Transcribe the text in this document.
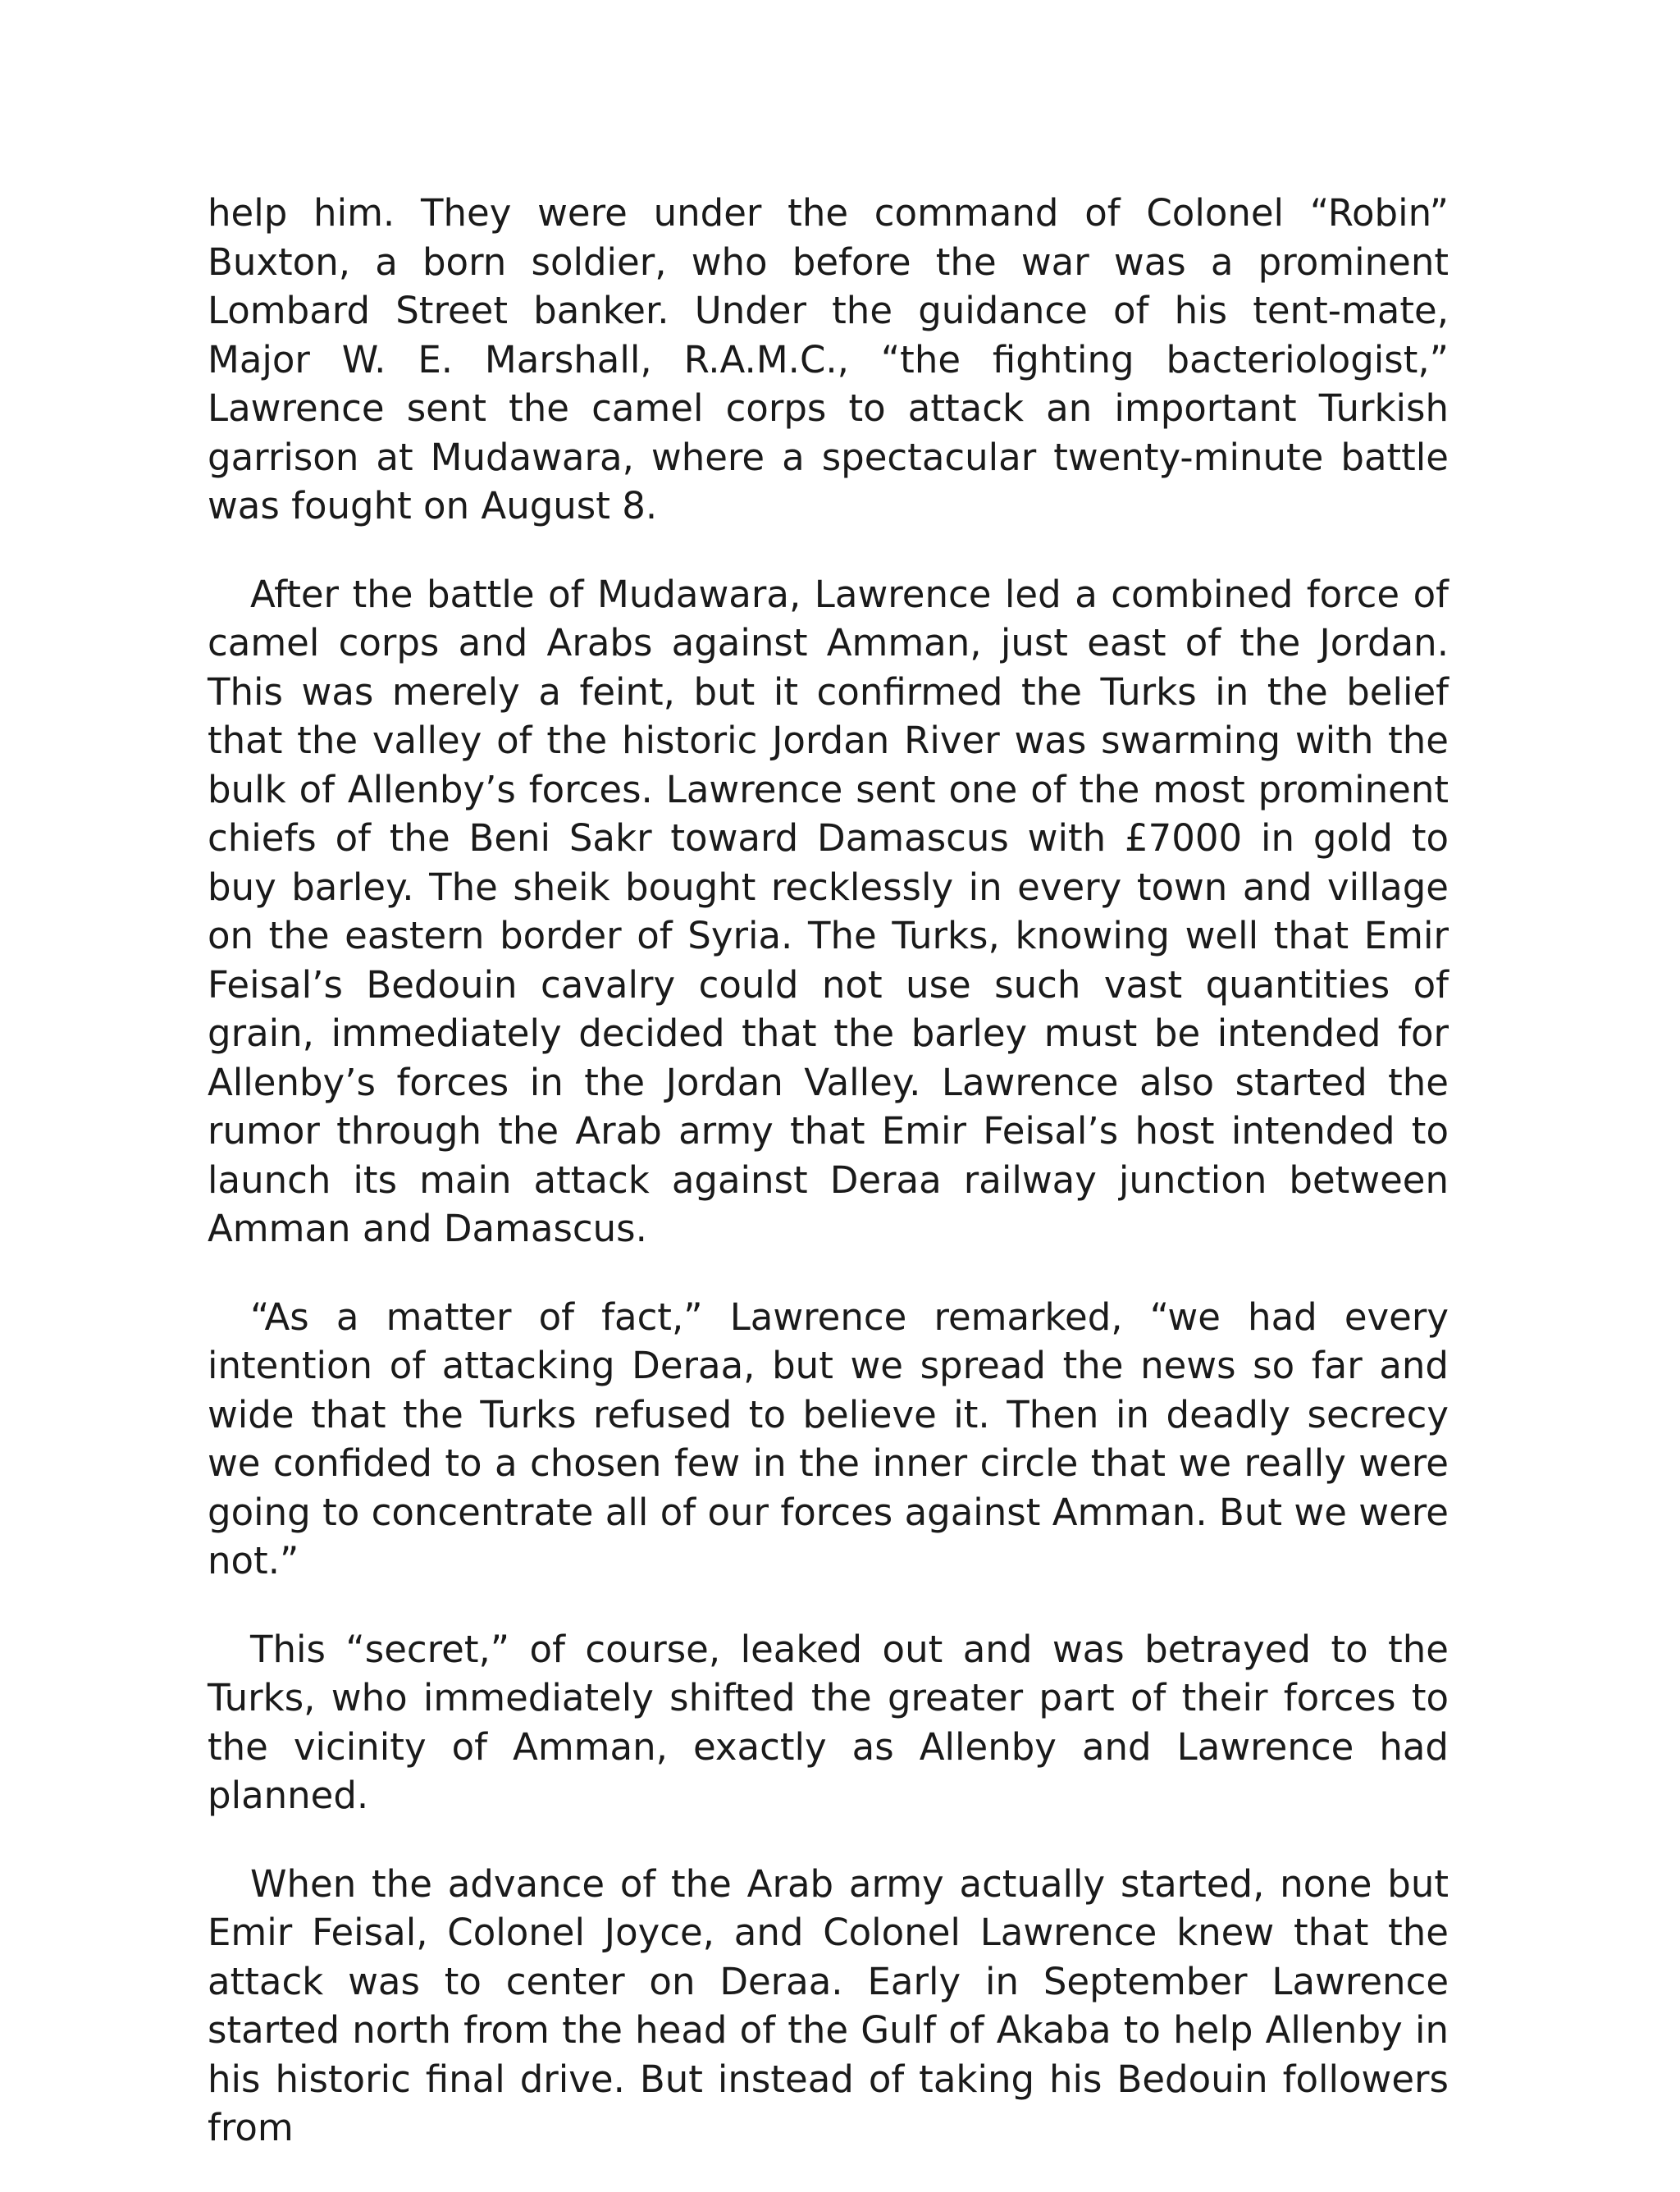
help him. They were under the command of Colonel “Robin” Buxton, a born soldier, who before the war was a prominent Lombard Street banker. Under the guidance of his tent-mate, Major W. E. Marshall, R.A.M.C., “the fighting bacteriologist,” Lawrence sent the camel corps to attack an important Turkish garrison at Mudawara, where a spectacular twenty-minute battle was fought on August 8.

After the battle of Mudawara, Lawrence led a combined force of camel corps and Arabs against Amman, just east of the Jordan. This was merely a feint, but it confirmed the Turks in the belief that the valley of the historic Jordan River was swarming with the bulk of Allenby’s forces. Lawrence sent one of the most prominent chiefs of the Beni Sakr toward Damascus with £7000 in gold to buy barley. The sheik bought recklessly in every town and village on the eastern border of Syria. The Turks, knowing well that Emir Feisal’s Bedouin cavalry could not use such vast quantities of grain, immediately decided that the barley must be intended for Allenby’s forces in the Jordan Valley. Lawrence also started the rumor through the Arab army that Emir Feisal’s host intended to launch its main attack against Deraa railway junction between Amman and Damascus.

“As a matter of fact,” Lawrence remarked, “we had every intention of attacking Deraa, but we spread the news so far and wide that the Turks refused to believe it. Then in deadly secrecy we confided to a chosen few in the inner circle that we really were going to concentrate all of our forces against Amman. But we were not.”

This “secret,” of course, leaked out and was betrayed to the Turks, who immediately shifted the greater part of their forces to the vicinity of Amman, exactly as Allenby and Lawrence had planned.

When the advance of the Arab army actually started, none but Emir Feisal, Colonel Joyce, and Colonel Lawrence knew that the attack was to center on Deraa. Early in September Lawrence started north from the head of the Gulf of Akaba to help Allenby in his historic final drive. But instead of taking his Bedouin followers from
